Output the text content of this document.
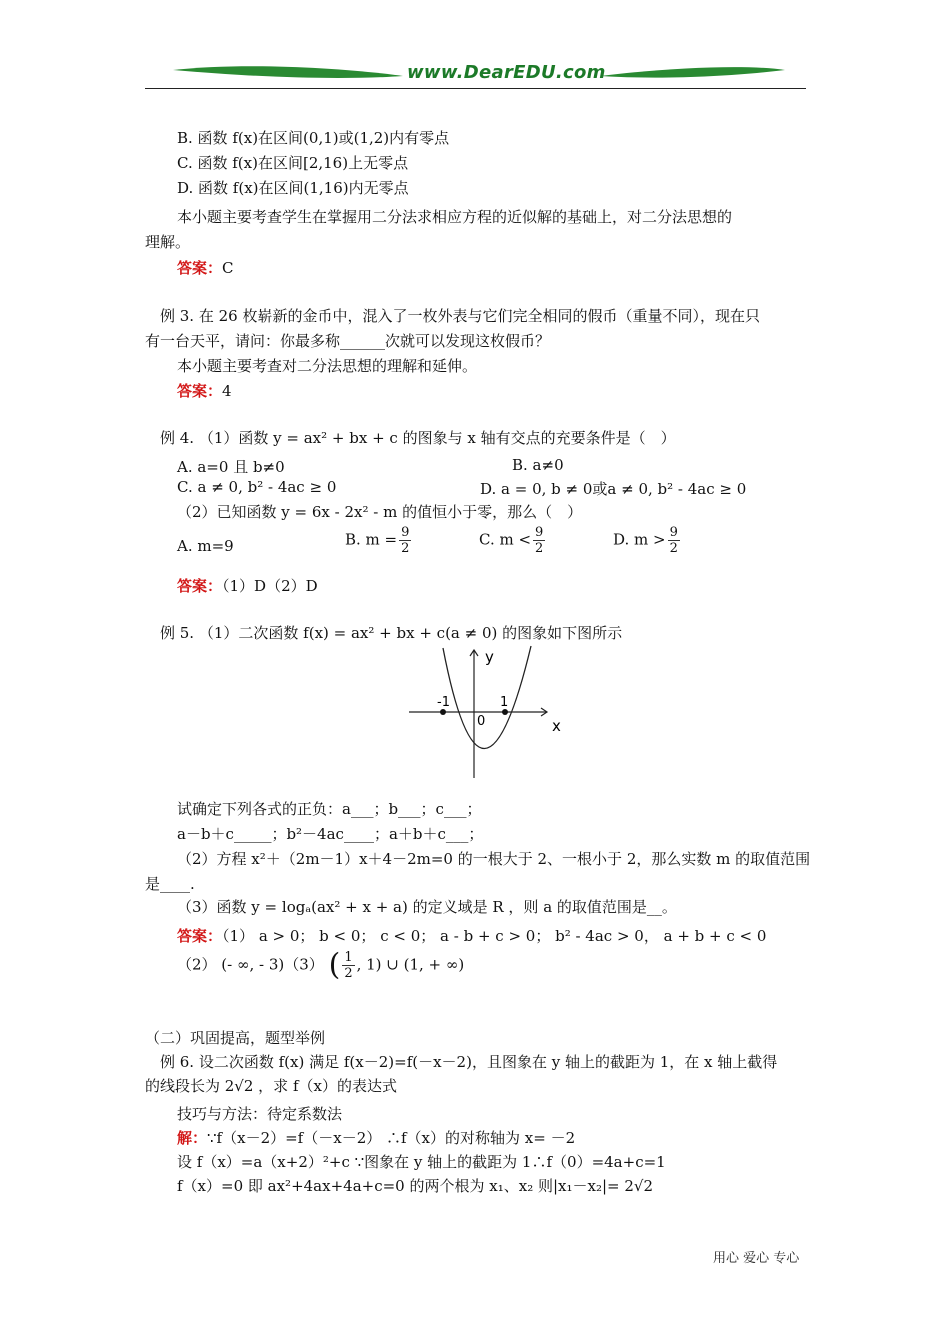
www.DearEDU.com
B. 函数 f(x)在区间(0,1)或(1,2)内有零点
C. 函数 f(x)在区间[2,16)上无零点
D. 函数 f(x)在区间(1,16)内无零点
本小题主要考查学生在掌握用二分法求相应方程的近似解的基础上，对二分法思想的
理解。
答案：C
例 3. 在 26 枚崭新的金币中，混入了一枚外表与它们完全相同的假币（重量不同），现在只
有一台天平，请问：你最多称______次就可以发现这枚假币？
本小题主要考查对二分法思想的理解和延伸。
答案：4
例 4. （1）函数 y = ax² + bx + c 的图象与 x 轴有交点的充要条件是（　）
A. a=0 且 b≠0	B. a≠0
C. a ≠ 0, b² - 4ac ≥ 0	D. a = 0, b ≠ 0或a ≠ 0, b² - 4ac ≥ 0
（2）已知函数 y = 6x - 2x² - m 的值恒小于零，那么（　）
A. m=9	B. $m = \frac{9}{2}$	C. $m < \frac{9}{2}$	D. $m > \frac{9}{2}$
答案：（1）D（2）D
例 5. （1）二次函数 f(x) = ax² + bx + c(a ≠ 0) 的图象如下图所示
y
x
0
-1	1
试确定下列各式的正负：a___；b___；c___；
a－b＋c_____；b²－4ac____；a＋b＋c___；
（2）方程 x²＋（2m－1）x＋4－2m=0 的一根大于 2、一根小于 2，那么实数 m 的取值范围
是____.
（3）函数 y = logₐ(ax² + x + a) 的定义域是 R ，则 a 的取值范围是__。
答案：（1） a > 0； b < 0； c < 0； a - b + c > 0； b² - 4ac > 0， a + b + c < 0
（2） (- ∞, - 3)（3） ( $\frac{1}{2}$ , 1) ∪ (1, + ∞)
（二）巩固提高，题型举例
例 6. 设二次函数 f(x) 满足 f(x－2)=f(－x－2)，且图象在 y 轴上的截距为 1，在 x 轴上截得
的线段长为 2√2 ，求 f（x）的表达式
技巧与方法：待定系数法
解：∵f（x－2）=f（－x－2） ∴f（x）的对称轴为 x= －2
设 f（x）=a（x+2）²+c ∵图象在 y 轴上的截距为 1∴f（0）=4a+c=1
f（x）=0 即 ax²+4ax+4a+c=0 的两个根为 x₁、x₂ 则|x₁－x₂|= 2√2
用心 爱心 专心
